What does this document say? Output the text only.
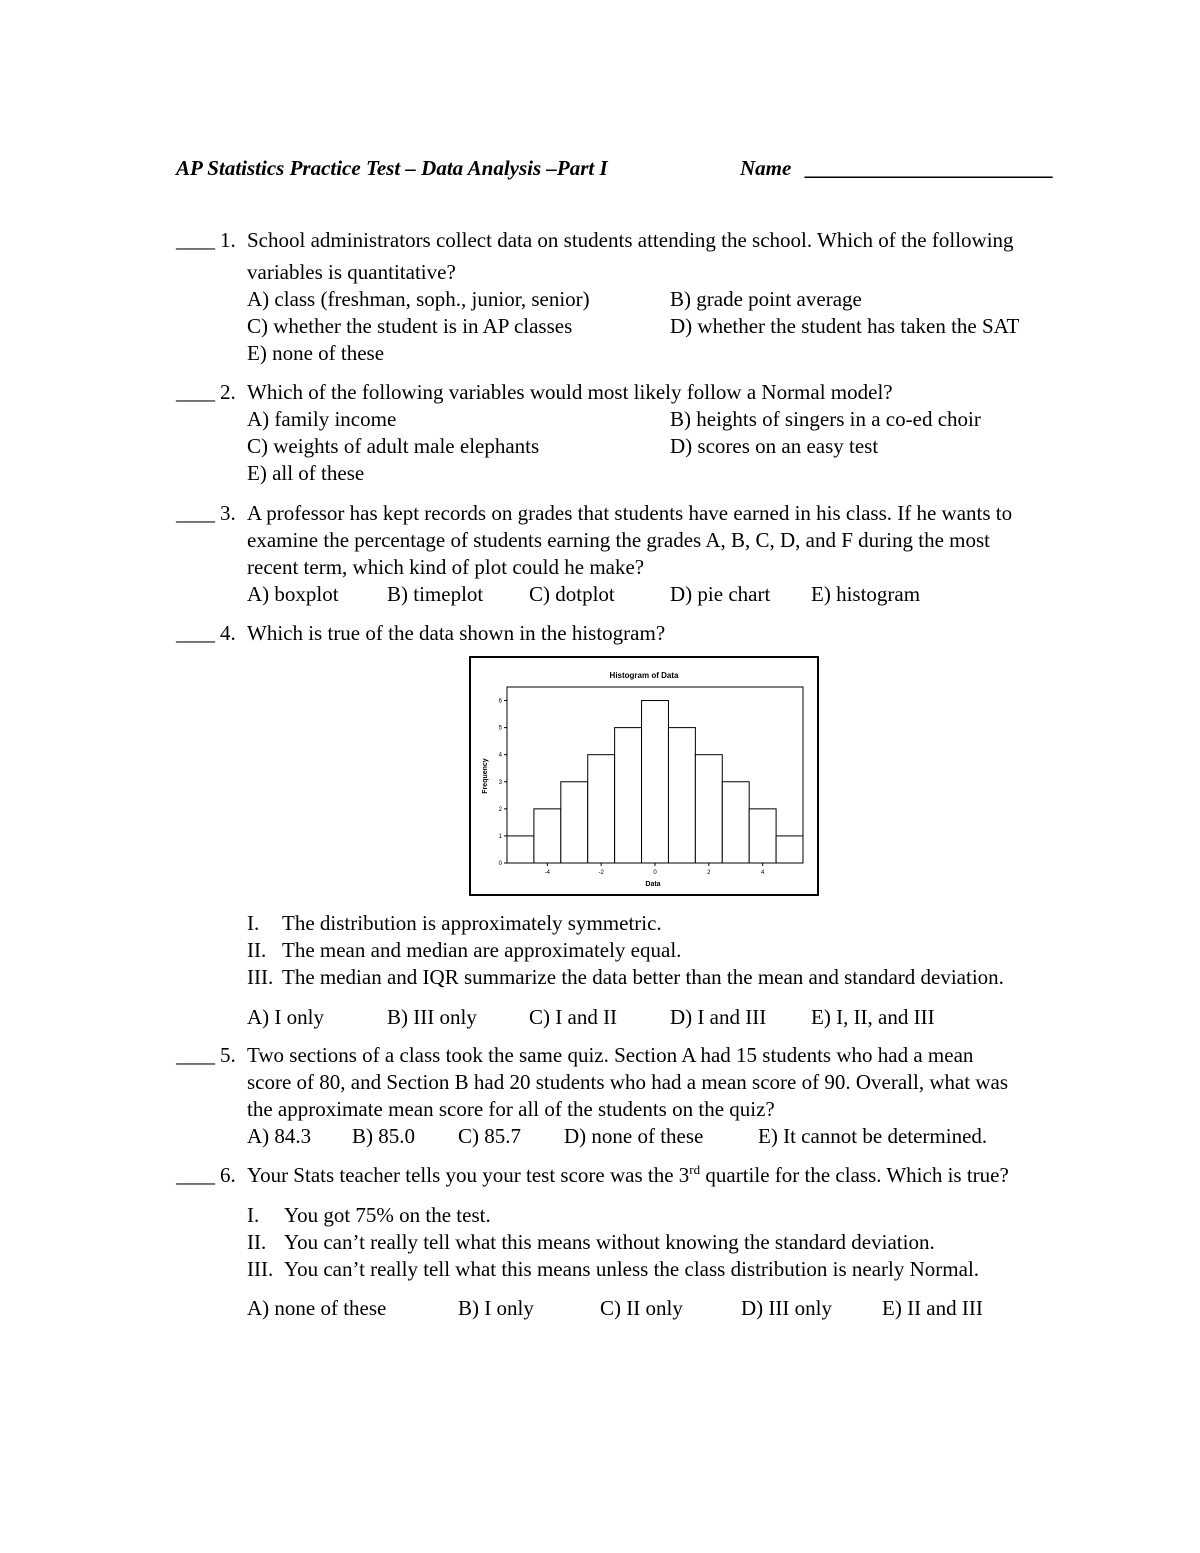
AP Statistics Practice Test – Data Analysis –Part I	Name __________________________
____ 1. School administrators collect data on students attending the school. Which of the following
variables is quantitative?
A) class (freshman, soph., junior, senior)	B) grade point average
C) whether the student is in AP classes	D) whether the student has taken the SAT
E) none of these
____ 2. Which of the following variables would most likely follow a Normal model?
A) family income	B) heights of singers in a co-ed choir
C) weights of adult male elephants	D) scores on an easy test
E) all of these
____ 3. A professor has kept records on grades that students have earned in his class. If he wants to
examine the percentage of students earning the grades A, B, C, D, and F during the most
recent term, which kind of plot could he make?
A) boxplot B) timeplot C) dotplot	D) pie chart E) histogram
____ 4. Which is true of the data shown in the histogram?
Histogram of Data
Frequency
Data
0
1
2
3
4
5
6
-4	-2	0	2	4
I. The distribution is approximately symmetric.
II. The mean and median are approximately equal.
III. The median and IQR summarize the data better than the mean and standard deviation.
A) I only	B) III only C) I and II	D) I and III E) I, II, and III
____ 5. Two sections of a class took the same quiz. Section A had 15 students who had a mean
score of 80, and Section B had 20 students who had a mean score of 90. Overall, what was
the approximate mean score for all of the students on the quiz?
A) 84.3 B) 85.0 C) 85.7 D) none of these	E) It cannot be determined.
____ 6. Your Stats teacher tells you your test score was the 3rd quartile for the class. Which is true?
I. You got 75% on the test.
II. You can’t really tell what this means without knowing the standard deviation.
III. You can’t really tell what this means unless the class distribution is nearly Normal.
A) none of these	B) I only	C) II only	D) III only E) II and III
